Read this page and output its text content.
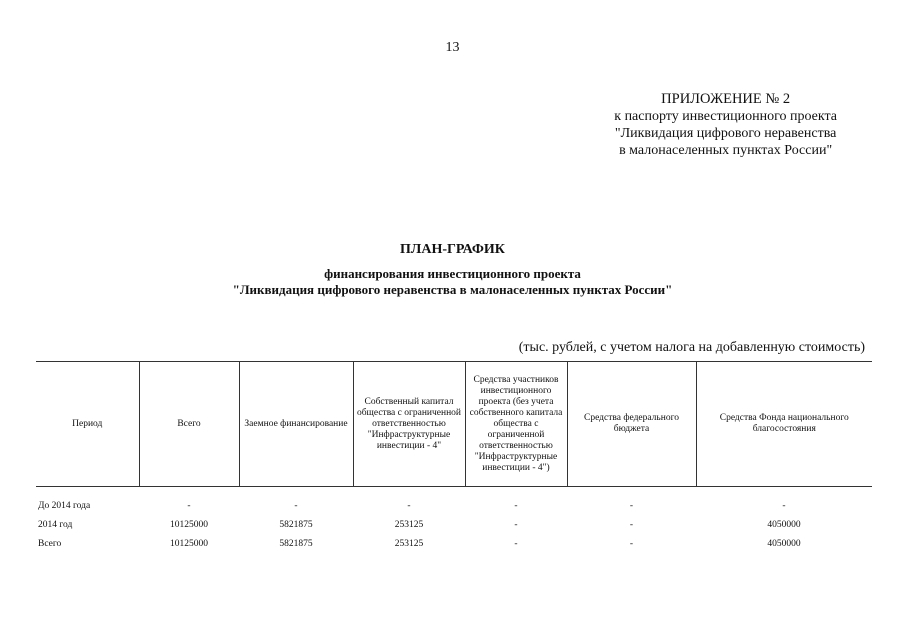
13
ПРИЛОЖЕНИЕ № 2
к паспорту инвестиционного проекта
"Ликвидация цифрового неравенства
в малонаселенных пунктах России"
ПЛАН-ГРАФИК
финансирования инвестиционного проекта
"Ликвидация цифрового неравенства в малонаселенных пунктах России"
(тыс. рублей, с учетом налога на добавленную стоимость)
Период	Всего	Заемное финансирование	Собственный капитал общества с ограниченной ответственностью "Инфраструктурные инвестиции - 4"	Средства участников инвестиционного проекта (без учета собственного капитала общества с ограниченной ответственностью "Инфраструктурные инвестиции - 4")	Средства федерального бюджета	Средства Фонда национального благосостояния

До 2014 года	-	-	-	-	-	-
2014 год	10125000	5821875	253125	-	-	4050000
Всего	10125000	5821875	253125	-	-	4050000
